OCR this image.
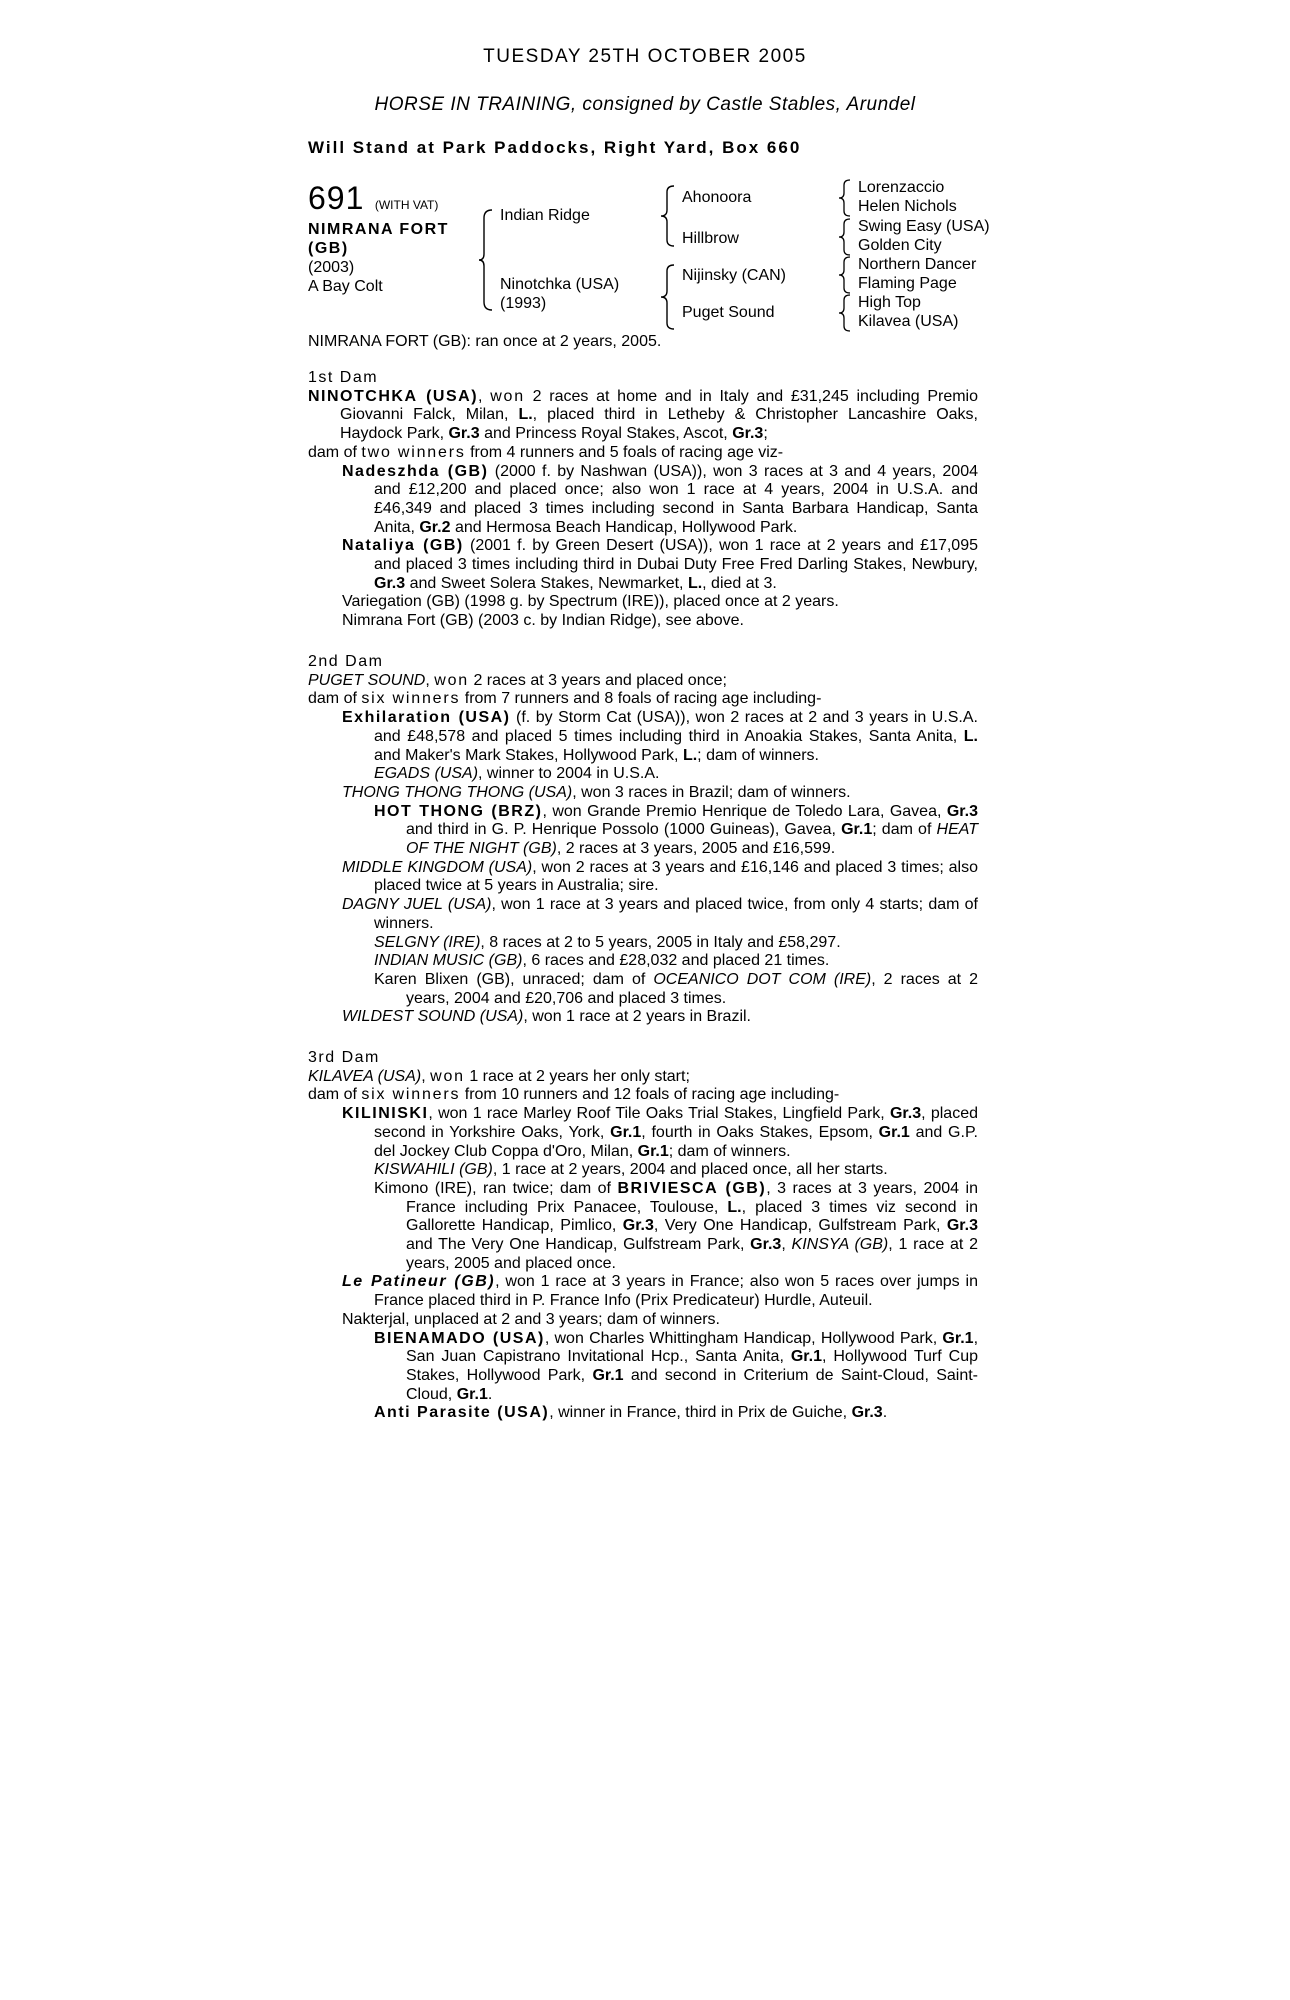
TUESDAY 25TH OCTOBER 2005
HORSE IN TRAINING, consigned by Castle Stables, Arundel
Will Stand at Park Paddocks, Right Yard, Box 660
691 (WITH VAT)
NIMRANA FORT
(GB)
(2003)
A Bay Colt
Indian Ridge
Ninotchka (USA)
(1993)
Ahonoora
Hillbrow
Nijinsky (CAN)
Puget Sound
Lorenzaccio
Helen Nichols
Swing Easy (USA)
Golden City
Northern Dancer
Flaming Page
High Top
Kilavea (USA)
NIMRANA FORT (GB): ran once at 2 years, 2005.
1st Dam
NINOTCHKA (USA), won 2 races at home and in Italy and £31,245 including Premio Giovanni Falck, Milan, L., placed third in Letheby & Christopher Lancashire Oaks, Haydock Park, Gr.3 and Princess Royal Stakes, Ascot, Gr.3;
dam of two winners from 4 runners and 5 foals of racing age viz-
Nadeszhda (GB) (2000 f. by Nashwan (USA)), won 3 races at 3 and 4 years, 2004 and £12,200 and placed once; also won 1 race at 4 years, 2004 in U.S.A. and £46,349 and placed 3 times including second in Santa Barbara Handicap, Santa Anita, Gr.2 and Hermosa Beach Handicap, Hollywood Park.
Nataliya (GB) (2001 f. by Green Desert (USA)), won 1 race at 2 years and £17,095 and placed 3 times including third in Dubai Duty Free Fred Darling Stakes, Newbury, Gr.3 and Sweet Solera Stakes, Newmarket, L., died at 3.
Variegation (GB) (1998 g. by Spectrum (IRE)), placed once at 2 years.
Nimrana Fort (GB) (2003 c. by Indian Ridge), see above.
2nd Dam
PUGET SOUND, won 2 races at 3 years and placed once;
dam of six winners from 7 runners and 8 foals of racing age including-
Exhilaration (USA) (f. by Storm Cat (USA)), won 2 races at 2 and 3 years in U.S.A. and £48,578 and placed 5 times including third in Anoakia Stakes, Santa Anita, L. and Maker's Mark Stakes, Hollywood Park, L.; dam of winners.
EGADS (USA), winner to 2004 in U.S.A.
THONG THONG THONG (USA), won 3 races in Brazil; dam of winners.
HOT THONG (BRZ), won Grande Premio Henrique de Toledo Lara, Gavea, Gr.3 and third in G. P. Henrique Possolo (1000 Guineas), Gavea, Gr.1; dam of HEAT OF THE NIGHT (GB), 2 races at 3 years, 2005 and £16,599.
MIDDLE KINGDOM (USA), won 2 races at 3 years and £16,146 and placed 3 times; also placed twice at 5 years in Australia; sire.
DAGNY JUEL (USA), won 1 race at 3 years and placed twice, from only 4 starts; dam of winners.
SELGNY (IRE), 8 races at 2 to 5 years, 2005 in Italy and £58,297.
INDIAN MUSIC (GB), 6 races and £28,032 and placed 21 times.
Karen Blixen (GB), unraced; dam of OCEANICO DOT COM (IRE), 2 races at 2 years, 2004 and £20,706 and placed 3 times.
WILDEST SOUND (USA), won 1 race at 2 years in Brazil.
3rd Dam
KILAVEA (USA), won 1 race at 2 years her only start;
dam of six winners from 10 runners and 12 foals of racing age including-
KILINISKI, won 1 race Marley Roof Tile Oaks Trial Stakes, Lingfield Park, Gr.3, placed second in Yorkshire Oaks, York, Gr.1, fourth in Oaks Stakes, Epsom, Gr.1 and G.P. del Jockey Club Coppa d'Oro, Milan, Gr.1; dam of winners.
KISWAHILI (GB), 1 race at 2 years, 2004 and placed once, all her starts.
Kimono (IRE), ran twice; dam of BRIVIESCA (GB), 3 races at 3 years, 2004 in France including Prix Panacee, Toulouse, L., placed 3 times viz second in Gallorette Handicap, Pimlico, Gr.3, Very One Handicap, Gulfstream Park, Gr.3 and The Very One Handicap, Gulfstream Park, Gr.3, KINSYA (GB), 1 race at 2 years, 2005 and placed once.
Le Patineur (GB), won 1 race at 3 years in France; also won 5 races over jumps in France placed third in P. France Info (Prix Predicateur) Hurdle, Auteuil.
Nakterjal, unplaced at 2 and 3 years; dam of winners.
BIENAMADO (USA), won Charles Whittingham Handicap, Hollywood Park, Gr.1, San Juan Capistrano Invitational Hcp., Santa Anita, Gr.1, Hollywood Turf Cup Stakes, Hollywood Park, Gr.1 and second in Criterium de Saint-Cloud, Saint-Cloud, Gr.1.
Anti Parasite (USA), winner in France, third in Prix de Guiche, Gr.3.
